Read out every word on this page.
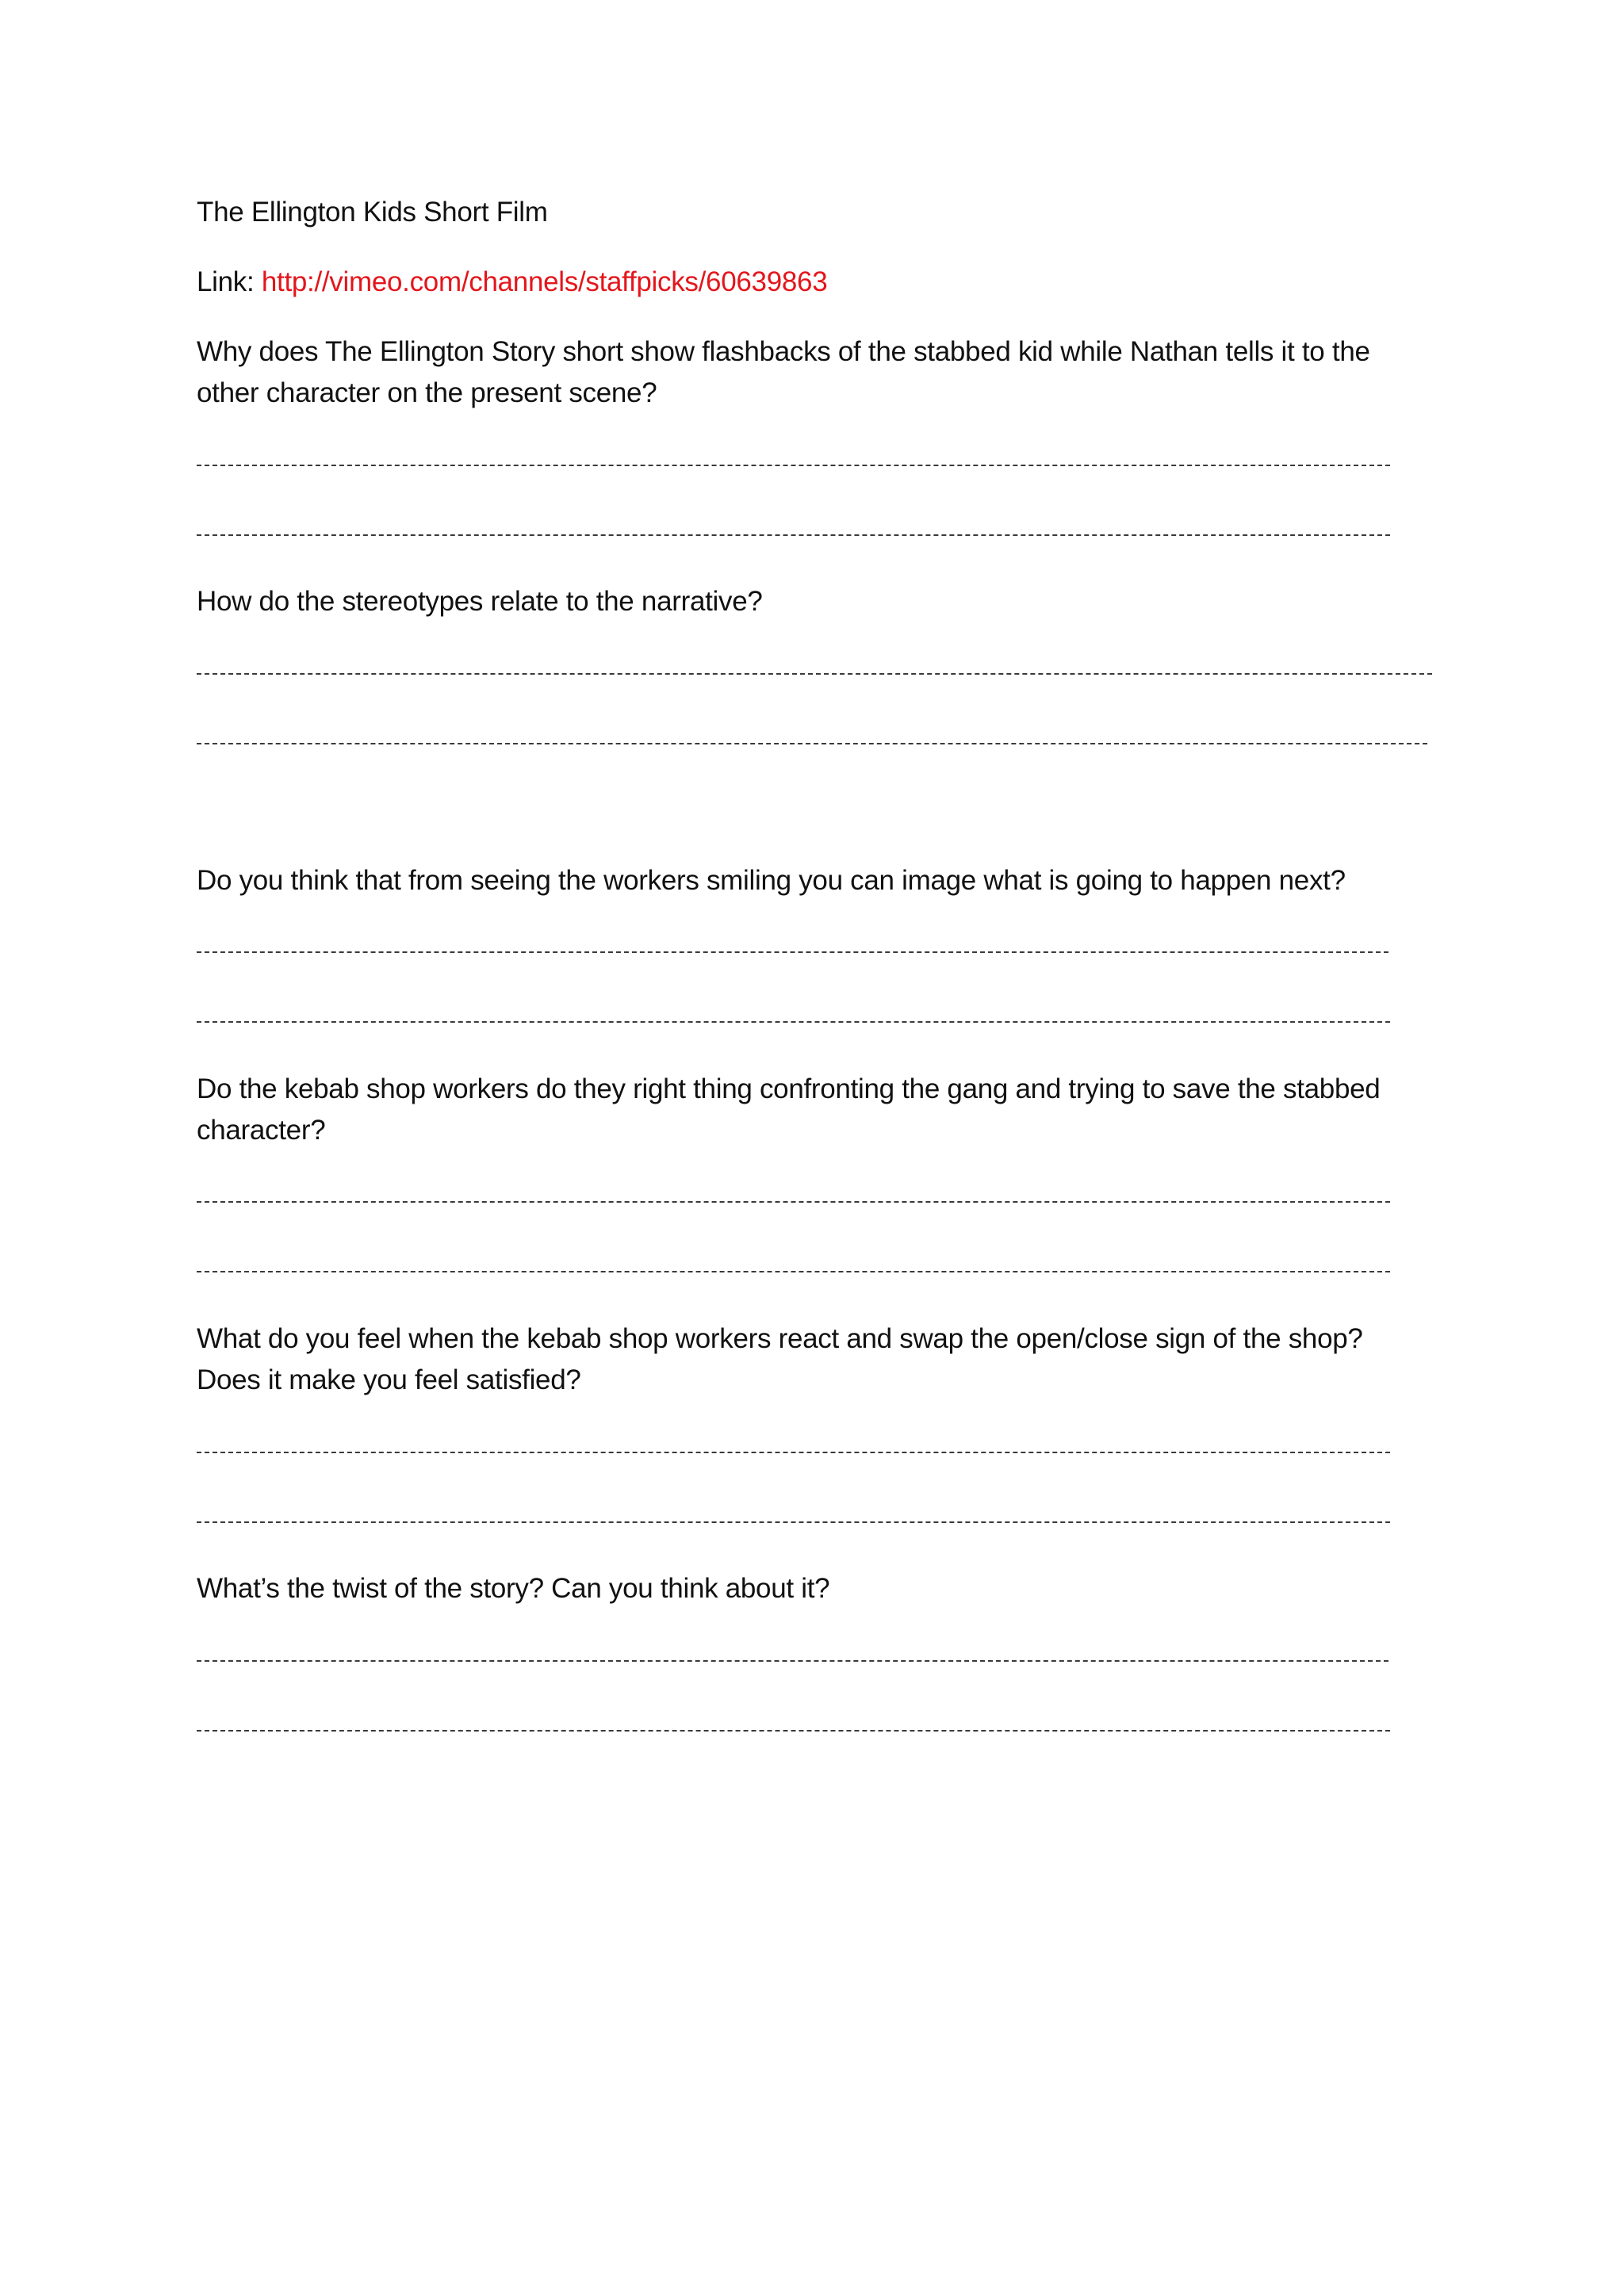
The Ellington Kids Short Film

Link: http://vimeo.com/channels/staffpicks/60639863

Why does The Ellington Story short show flashbacks of the stabbed kid while Nathan tells it to the

other character on the present scene?

How do the stereotypes relate to the narrative?

Do you think that from seeing the workers smiling you can image what is going to happen next?

Do the kebab shop workers do they right thing confronting the gang and trying to save the stabbed

character?

What do you feel when the kebab shop workers react and swap the open/close sign of the shop?

Does it make you feel satisfied?

What’s the twist of the story? Can you think about it?
